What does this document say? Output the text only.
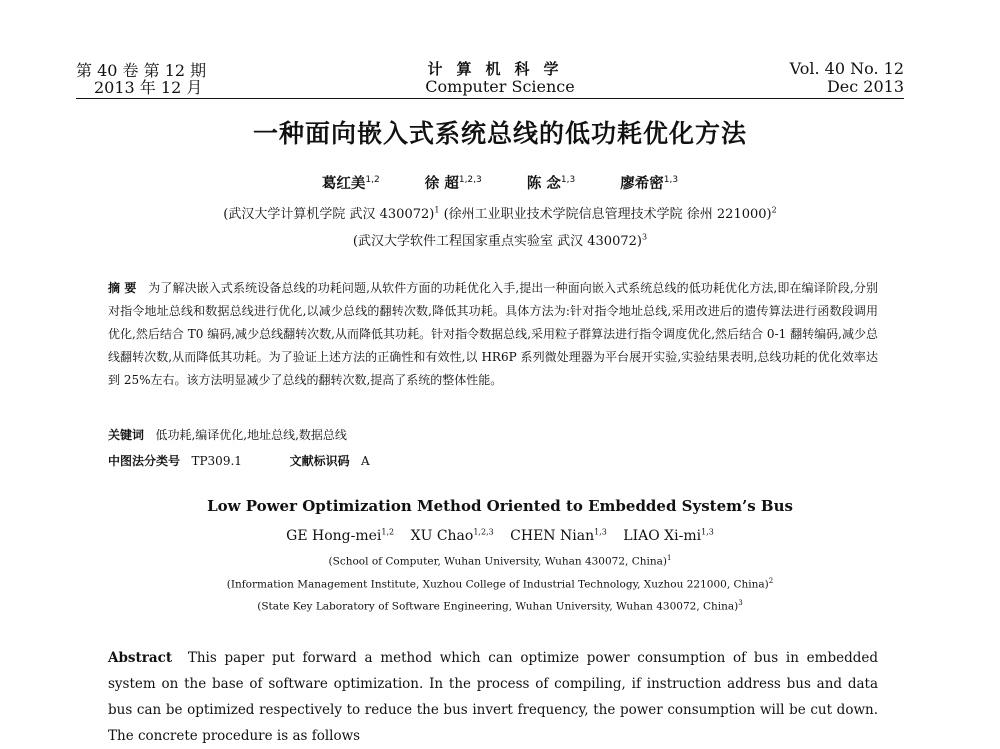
第 40 卷 第 12 期
2013 年 12 月
计算机科学
Computer Science
Vol. 40 No. 12
Dec 2013
一种面向嵌入式系统总线的低功耗优化方法
葛红美$^{1,2}$	徐 超$^{1,2,3}$	陈 念$^{1,3}$	廖希密$^{1,3}$
(武汉大学计算机学院 武汉 430072)$^1$ (徐州工业职业技术学院信息管理技术学院 徐州 221000)$^2$
(武汉大学软件工程国家重点实验室 武汉 430072)$^3$
摘 要 为了解决嵌入式系统设备总线的功耗问题,从软件方面的功耗优化入手,提出一种面向嵌入式系统总线的低功耗优化方法,即在编译阶段,分别对指令地址总线和数据总线进行优化,以减少总线的翻转次数,降低其功耗。具体方法为:针对指令地址总线,采用改进后的遗传算法进行函数段调用优化,然后结合 T0 编码,减少总线翻转次数,从而降低其功耗。针对指令数据总线,采用粒子群算法进行指令调度优化,然后结合 0-1 翻转编码,减少总线翻转次数,从而降低其功耗。为了验证上述方法的正确性和有效性,以 HR6P 系列微处理器为平台展开实验,实验结果表明,总线功耗的优化效率达到 25%左右。该方法明显减少了总线的翻转次数,提高了系统的整体性能。
关键词 低功耗,编译优化,地址总线,数据总线
中图法分类号 TP309.1	文献标识码 A
Low Power Optimization Method Oriented to Embedded System’s Bus
GE Hong-mei$^{1,2}$ XU Chao$^{1,2,3}$ CHEN Nian$^{1,3}$ LIAO Xi-mi$^{1,3}$
(School of Computer, Wuhan University, Wuhan 430072, China)$^1$
(Information Management Institute, Xuzhou College of Industrial Technology, Xuzhou 221000, China)$^2$
(State Key Laboratory of Software Engineering, Wuhan University, Wuhan 430072, China)$^3$
Abstract This paper put forward a method which can optimize power consumption of bus in embedded system on the base of software optimization. In the process of compiling, if instruction address bus and data bus can be optimized respectively to reduce the bus invert frequency, the power consumption will be cut down. The concrete procedure is as follows
